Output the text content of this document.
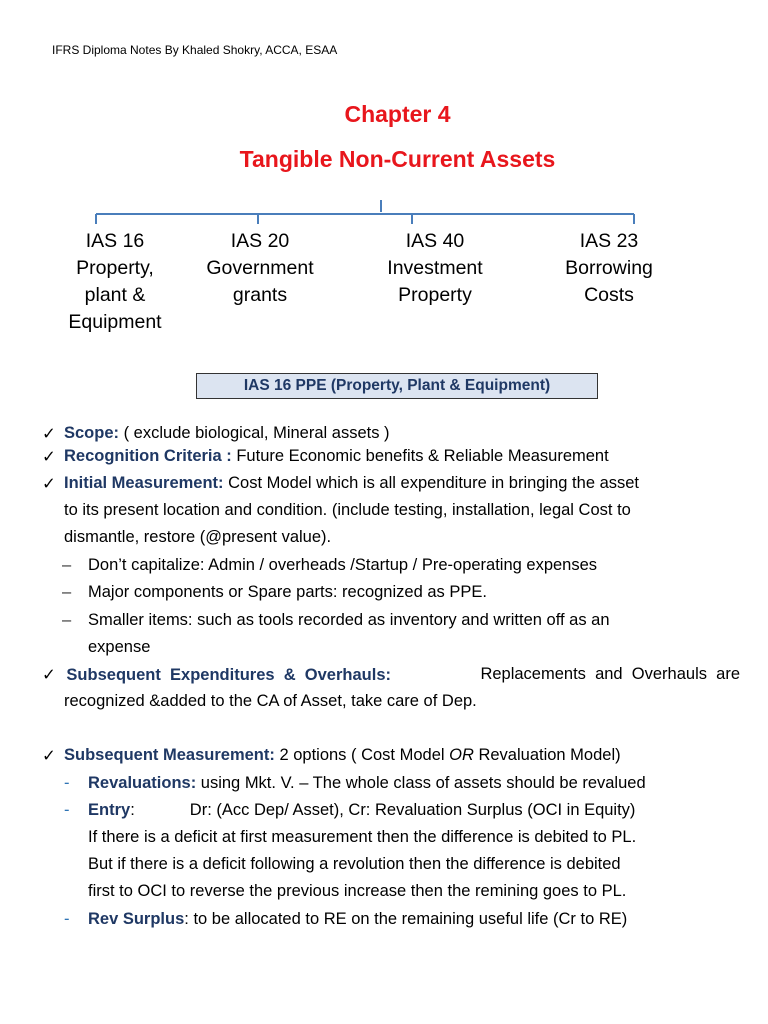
IFRS Diploma Notes By Khaled Shokry, ACCA, ESAA
Chapter 4
Tangible Non-Current Assets
IAS 16
Property,
plant &
Equipment
IAS 20
Government
grants
IAS 40
Investment
Property
IAS 23
Borrowing
Costs
IAS 16 PPE (Property, Plant & Equipment)
✓ Scope: ( exclude biological, Mineral assets )
✓ Recognition Criteria : Future Economic benefits & Reliable Measurement
✓ Initial Measurement: Cost Model which is all expenditure in bringing the asset
to its present location and condition. (include testing, installation, legal Cost to
dismantle, restore (@present value).
– Don’t capitalize: Admin / overheads /Startup / Pre-operating expenses
– Major components or Spare parts: recognized as PPE.
– Smaller items: such as tools recorded as inventory and written off as an
expense
✓ Subsequent  Expenditures  &  Overhauls:	Replacements  and  Overhauls  are
recognized &added to the CA of Asset, take care of Dep.
✓ Subsequent Measurement: 2 options ( Cost Model OR Revaluation Model)
- Revaluations: using Mkt. V. – The whole class of assets should be revalued
- Entry:            Dr: (Acc Dep/ Asset), Cr: Revaluation Surplus (OCI in Equity)
If there is a deficit at first measurement then the difference is debited to PL.
But if there is a deficit following a revolution then the difference is debited
first to OCI to reverse the previous increase then the remining goes to PL.
- Rev Surplus: to be allocated to RE on the remaining useful life (Cr to RE)
